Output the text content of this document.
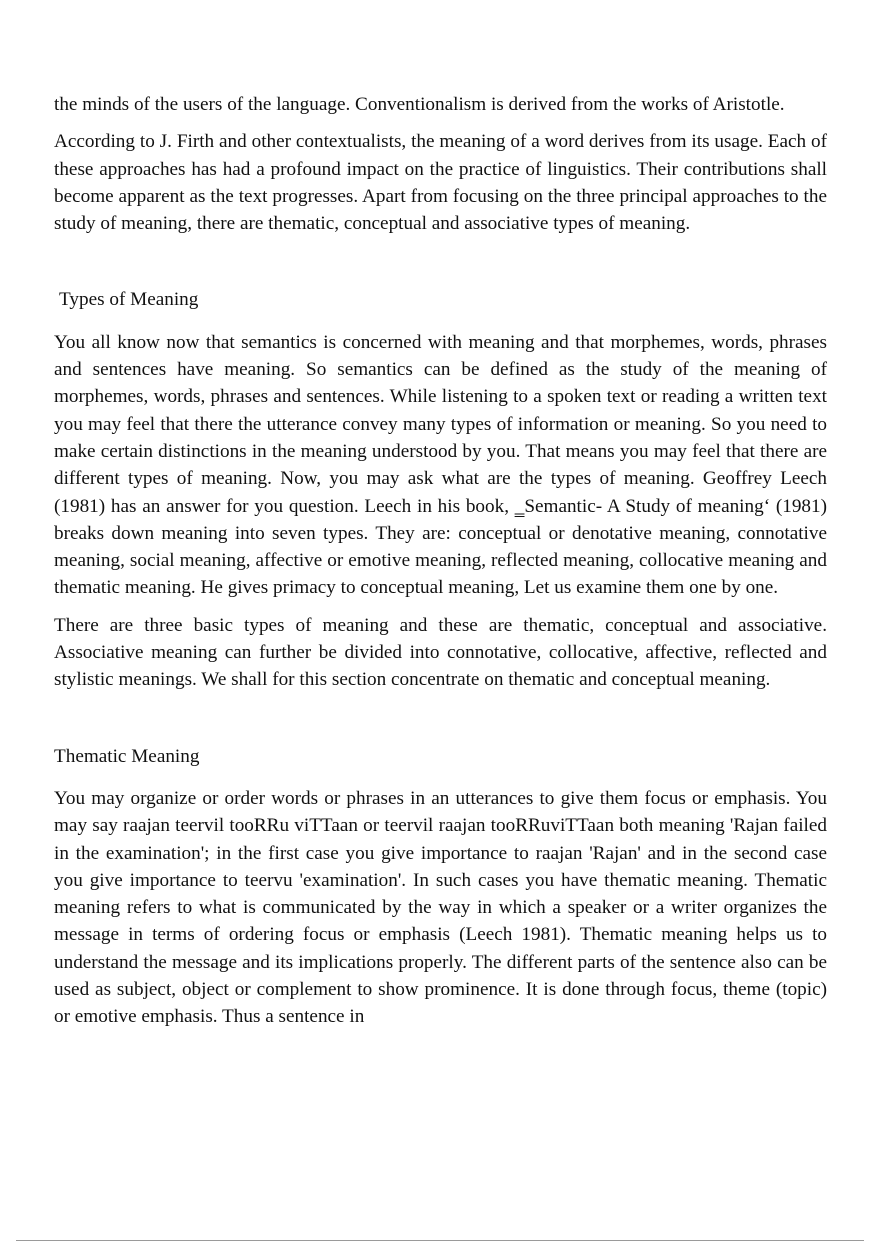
the minds of the users of the language. Conventionalism is derived from the works of Aristotle.

According to J. Firth and other contextualists, the meaning of a word derives from its usage. Each of these approaches has had a profound impact on the practice of linguistics. Their contributions shall become apparent as the text progresses. Apart from focusing on the three principal approaches to the study of meaning, there are thematic, conceptual and associative types of meaning.

Types of Meaning

You all know now that semantics is concerned with meaning and that morphemes, words, phrases and sentences have meaning. So semantics can be defined as the study of the meaning of morphemes, words, phrases and sentences. While listening to a spoken text or reading a written text you may feel that there the utterance convey many types of information or meaning. So you need to make certain distinctions in the meaning understood by you. That means you may feel that there are different types of meaning. Now, you may ask what are the types of meaning. Geoffrey Leech (1981) has an answer for you question. Leech in his book, ‗Semantic- A Study of meaning‘ (1981) breaks down meaning into seven types. They are: conceptual or denotative meaning, connotative meaning, social meaning, affective or emotive meaning, reflected meaning, collocative meaning and thematic meaning. He gives primacy to conceptual meaning, Let us examine them one by one.

There are three basic types of meaning and these are thematic, conceptual and associative. Associative meaning can further be divided into connotative, collocative, affective, reflected and stylistic meanings. We shall for this section concentrate on thematic and conceptual meaning.

Thematic Meaning

You may organize or order words or phrases in an utterances to give them focus or emphasis. You may say raajan teervil tooRRu viTTaan or teervil raajan tooRRuviTTaan both meaning 'Rajan failed in the examination'; in the first case you give importance to raajan 'Rajan' and in the second case you give importance to teervu 'examination'. In such cases you have thematic meaning. Thematic meaning refers to what is communicated by the way in which a speaker or a writer organizes the message in terms of ordering focus or emphasis (Leech 1981). Thematic meaning helps us to understand the message and its implications properly. The different parts of the sentence also can be used as subject, object or complement to show prominence. It is done through focus, theme (topic) or emotive emphasis. Thus a sentence in
